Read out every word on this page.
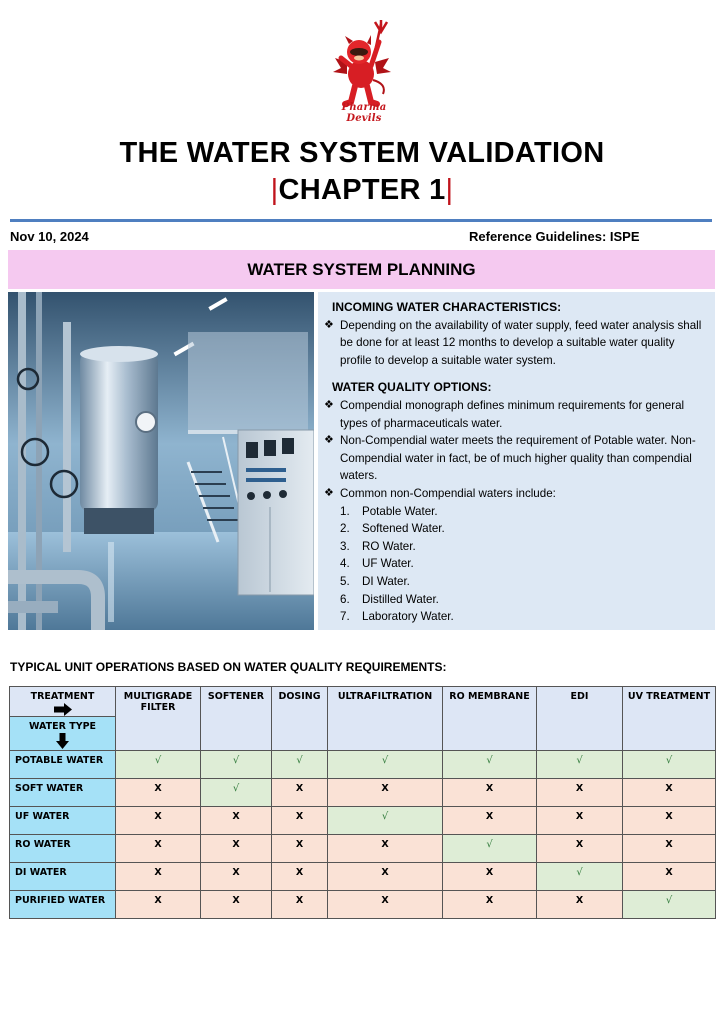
Pharma Devils
THE WATER SYSTEM VALIDATION
|CHAPTER 1|
Nov 10, 2024	Reference Guidelines: ISPE
WATER SYSTEM PLANNING
INCOMING WATER CHARACTERISTICS:
❖ Depending on the availability of water supply, feed water analysis shall be done for at least 12 months to develop a suitable water quality profile to develop a suitable water system.
WATER QUALITY OPTIONS:
❖ Compendial monograph defines minimum requirements for general types of pharmaceuticals water.
❖ Non-Compendial water meets the requirement of Potable water. Non-Compendial water in fact, be of much higher quality than compendial waters.
❖ Common non-Compendial waters include:
1.	Potable Water.
2.	Softened Water.
3.	RO Water.
4.	UF Water.
5.	DI Water.
6.	Distilled Water.
7.	Laboratory Water.
TYPICAL UNIT OPERATIONS BASED ON WATER QUALITY REQUIREMENTS:
TREATMENT	MULTIGRADE FILTER	SOFTENER	DOSING	ULTRAFILTRATION	RO MEMBRANE	EDI	UV TREATMENT
WATER TYPE							

POTABLE WATER	√	√	√	√	√	√	√
SOFT WATER	X	√	X	X	X	X	X
UF WATER	X	X	X	√	X	X	X
RO WATER	X	X	X	X	√	X	X
DI WATER	X	X	X	X	X	√	X
PURIFIED WATER	X	X	X	X	X	X	√
